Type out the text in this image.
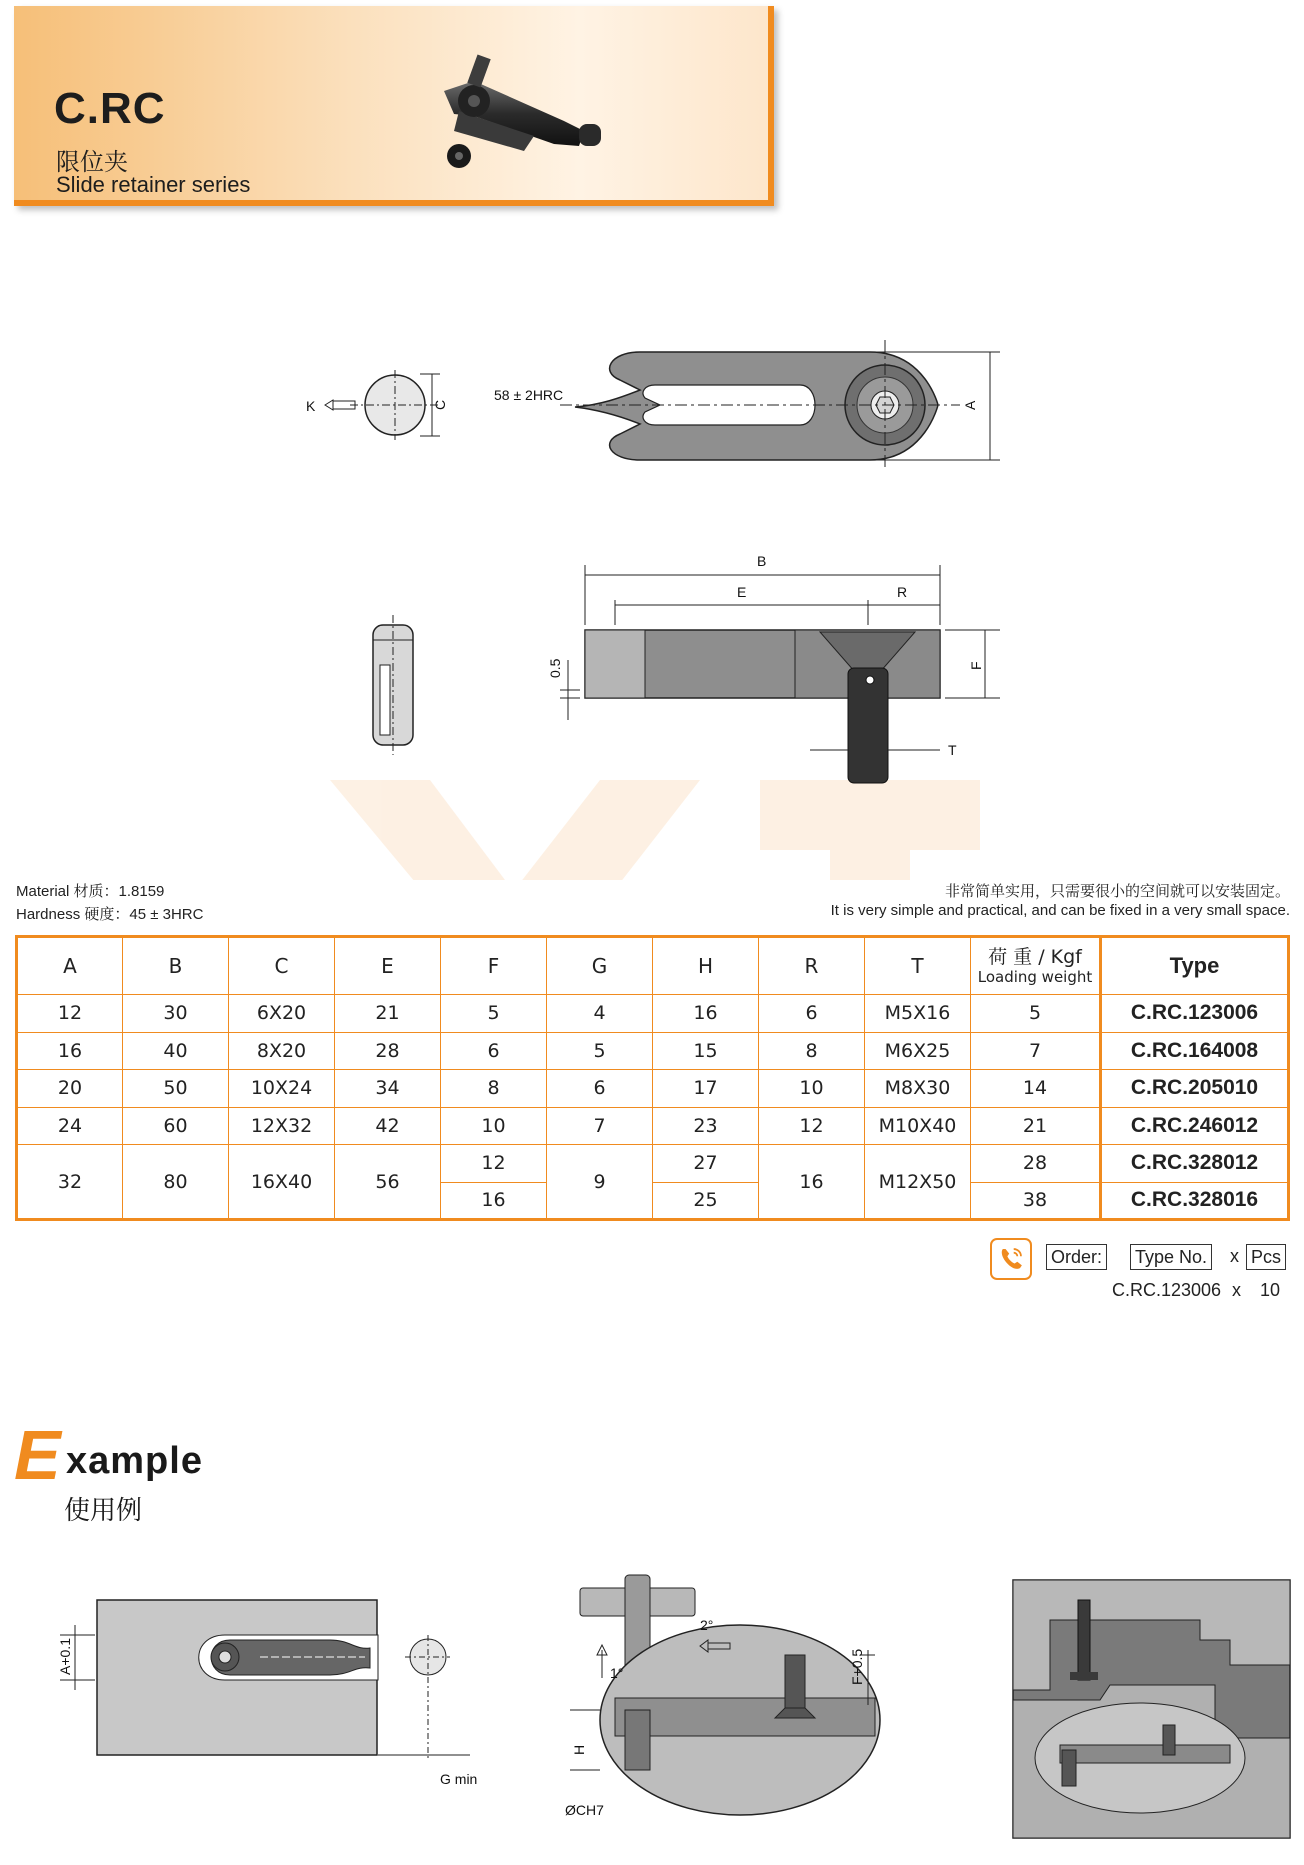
C.RC
限位夹
Slide retainer series
K	C	A
58 ± 2HRC
B
E	R
F
T
0.5
Material 材质：1.8159
Hardness 硬度：45 ± 3HRC
非常简单实用，只需要很小的空间就可以安装固定。
It is very simple and practical, and can be fixed in a very small space.
A	B	C	E	F	G	H	R	T	荷 重 / Kgf
Loading weight	Type
12	30	6X20	21	5	4	16	6	M5X16	5	C.RC.123006
16	40	8X20	28	6	5	15	8	M6X25	7	C.RC.164008
20	50	10X24	34	8	6	17	10	M8X30	14	C.RC.205010
24	60	12X32	42	10	7	23	12	M10X40	21	C.RC.246012
32	80	16X40	56	12	9	27	16	M12X50	28	C.RC.328012
				16		25			38	C.RC.328016
Order: Type No. x Pcs
C.RC.123006 x 10
E xample
使用例
A+0.1
G min
2°
1°	F+0.5
H
ØCH7
